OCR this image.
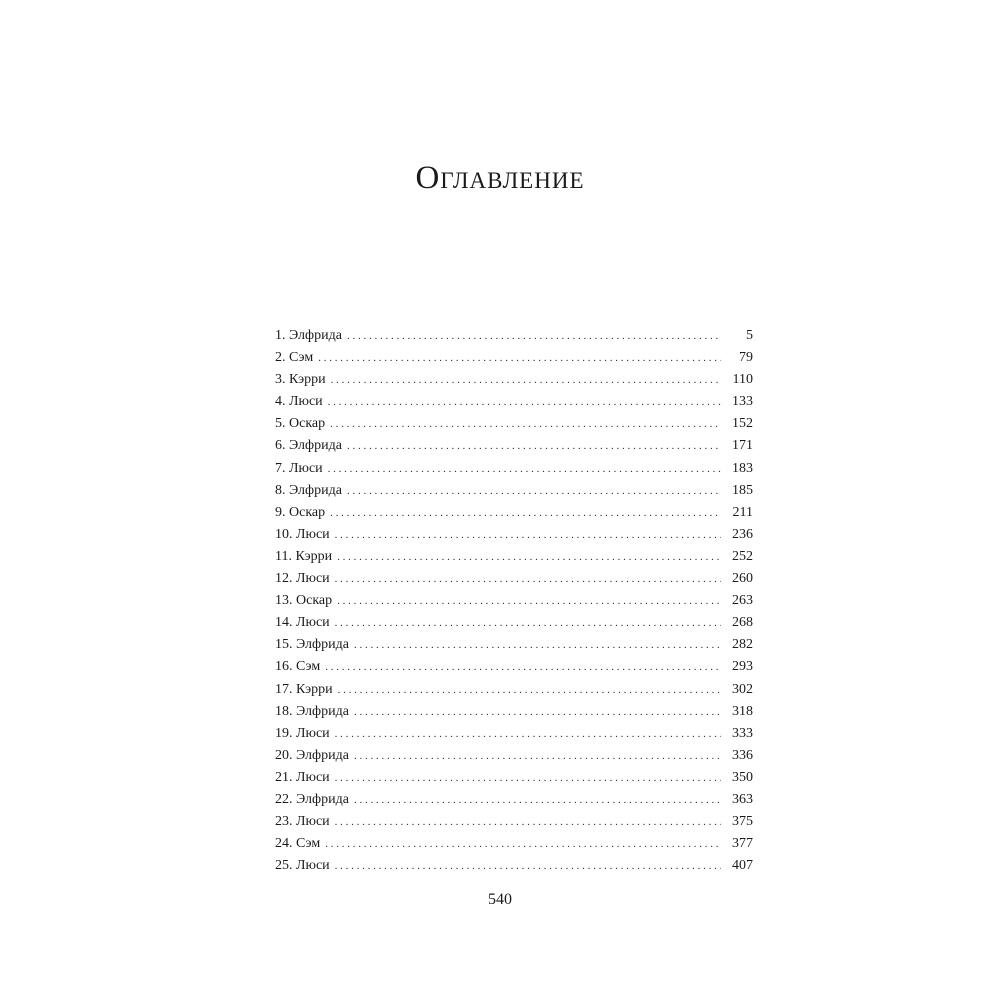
Оглавление
1. Элфрида . . .	5
2. Сэм . . .	79
3. Кэрри . . .	110
4. Люси . . .	133
5. Оскар . . .	152
6. Элфрида . . .	171
7. Люси . . .	183
8. Элфрида . . .	185
9. Оскар . . .	211
10. Люси . . .	236
11. Кэрри . . .	252
12. Люси . . .	260
13. Оскар . . .	263
14. Люси . . .	268
15. Элфрида . . .	282
16. Сэм . . .	293
17. Кэрри . . .	302
18. Элфрида . . .	318
19. Люси . . .	333
20. Элфрида . . .	336
21. Люси . . .	350
22. Элфрида . . .	363
23. Люси . . .	375
24. Сэм . . .	377
25. Люси . . .	407
540
